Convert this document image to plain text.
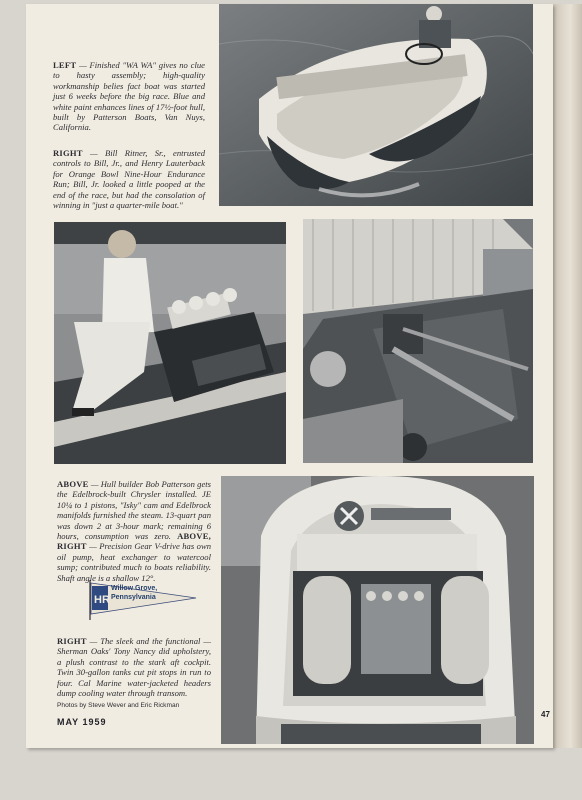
LEFT — Finished "WA WA" gives no clue to hasty assembly; high-quality workmanship belies fact boat was started just 6 weeks before the big race. Blue and white paint enhances lines of 17½-foot hull, built by Patterson Boats, Van Nuys, California.

RIGHT — Bill Ritner, Sr., entrusted controls to Bill, Jr., and Henry Lauterback for Orange Bowl Nine-Hour Endurance Run; Bill, Jr. looked a little pooped at the end of the race, but had the consolation of winning in "just a quarter-mile boat."

ABOVE — Hull builder Bob Patterson gets the Edelbrock-built Chrysler installed. JE 10¼ to 1 pistons, "Isky" cam and Edelbrock manifolds furnished the steam. 13-quart pan was down 2 at 3-hour mark; remaining 6 hours, consumption was zero. ABOVE, RIGHT — Precision Gear V-drive has own oil pump, heat exchanger to watercool sump; contributed much to boats reliability. Shaft angle is a shallow 12°.

HR
Willow Grove,
Pennsylvania

RIGHT — The sleek and the functional — Sherman Oaks' Tony Nancy did upholstery, a plush contrast to the stark aft cockpit. Twin 30-gallon tanks cut pit stops in run to four. Cal Marine water-jacketed headers dump cooling water through transom.

Photos by Steve Wever and Eric Rickman
MAY 1959
47
